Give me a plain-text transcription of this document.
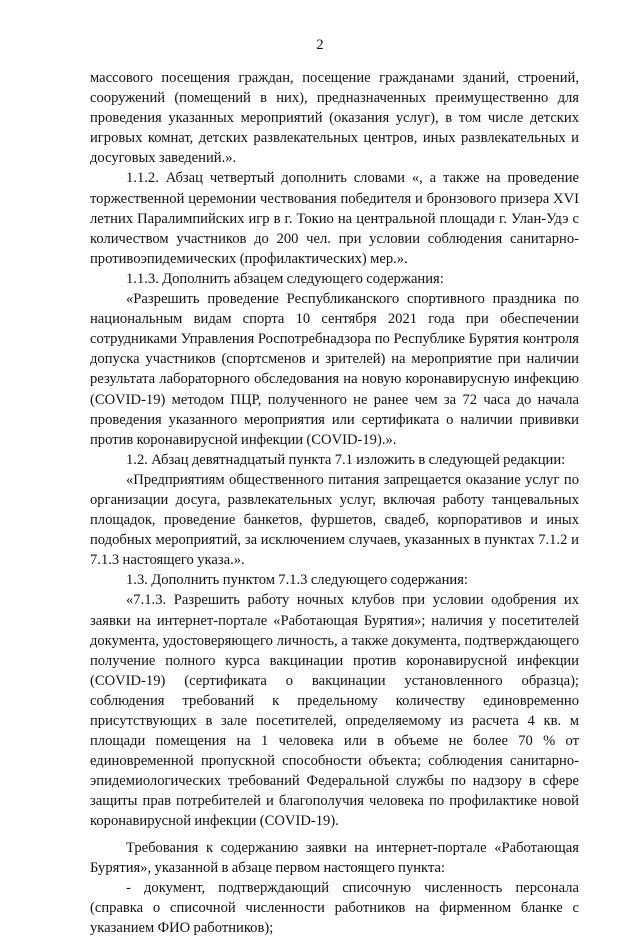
2

массового посещения граждан, посещение гражданами зданий, строений, сооружений (помещений в них), предназначенных преимущественно для проведения указанных мероприятий (оказания услуг), в том числе детских игровых комнат, детских развлекательных центров, иных развлекательных и досуговых заведений.».

1.1.2. Абзац четвертый дополнить словами «, а также на проведение торжественной церемонии чествования победителя и бронзового призера XVI летних Паралимпийских игр в г. Токио на центральной площади г. Улан-Удэ с количеством участников до 200 чел. при условии соблюдения санитарно-противоэпидемических (профилактических) мер.».

1.1.3. Дополнить абзацем следующего содержания:

«Разрешить проведение Республиканского спортивного праздника по национальным видам спорта 10 сентября 2021 года при обеспечении сотрудниками Управления Роспотребнадзора по Республике Бурятия контроля допуска участников (спортсменов и зрителей) на мероприятие при наличии результата лабораторного обследования на новую коронавирусную инфекцию (COVID-19) методом ПЦР, полученного не ранее чем за 72 часа до начала проведения указанного мероприятия или сертификата о наличии прививки против коронавирусной инфекции (COVID-19).».

1.2. Абзац девятнадцатый пункта 7.1 изложить в следующей редакции:

«Предприятиям общественного питания запрещается оказание услуг по организации досуга, развлекательных услуг, включая работу танцевальных площадок, проведение банкетов, фуршетов, свадеб, корпоративов и иных подобных мероприятий, за исключением случаев, указанных в пунктах 7.1.2 и 7.1.3 настоящего указа.».

1.3. Дополнить пунктом 7.1.3 следующего содержания:

«7.1.3. Разрешить работу ночных клубов при условии одобрения их заявки на интернет-портале «Работающая Бурятия»; наличия у посетителей документа, удостоверяющего личность, а также документа, подтверждающего получение полного курса вакцинации против коронавирусной инфекции (COVID-19) (сертификата о вакцинации установленного образца); соблюдения требований к предельному количеству единовременно присутствующих в зале посетителей, определяемому из расчета 4 кв. м площади помещения на 1 человека или в объеме не более 70 % от единовременной пропускной способности объекта; соблюдения санитарно-эпидемиологических требований Федеральной службы по надзору в сфере защиты прав потребителей и благополучия человека по профилактике новой коронавирусной инфекции (COVID-19).

Требования к содержанию заявки на интернет-портале «Работающая Бурятия», указанной в абзаце первом настоящего пункта:

- документ, подтверждающий списочную численность персонала (справка о списочной численности работников на фирменном бланке с указанием ФИО работников);
